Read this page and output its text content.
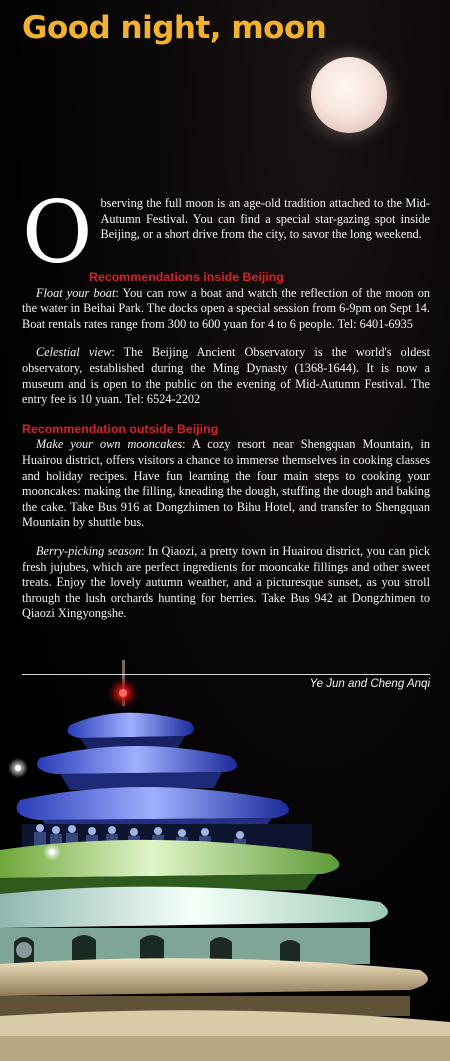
Good night, moon
O bserving the full moon is an age-old tradition attached to the Mid-Autumn Festival. You can find a special star-gazing spot inside Beijing, or a short drive from the city, to savor the long weekend.

Recommendations inside Beijing

Float your boat: You can row a boat and watch the reflection of the moon on the water in Beihai Park. The docks open a special session from 6-9pm on Sept 14. Boat rentals rates range from 300 to 600 yuan for 4 to 6 people. Tel: 6401-6935

Celestial view: The Beijing Ancient Observatory is the world's oldest observatory, established during the Ming Dynasty (1368-1644). It is now a museum and is open to the public on the evening of Mid-Autumn Festival. The entry fee is 10 yuan. Tel: 6524-2202

Recommendation outside Beijing

Make your own mooncakes: A cozy resort near Shengquan Mountain, in Huairou district, offers visitors a chance to immerse themselves in cooking classes and holiday recipes. Have fun learning the four main steps to cooking your mooncakes: making the filling, kneading the dough, stuffing the dough and baking the cake. Take Bus 916 at Dongzhimen to Bihu Hotel, and transfer to Shengquan Mountain by shuttle bus.

Berry-picking season: In Qiaozi, a pretty town in Huairou district, you can pick fresh jujubes, which are perfect ingredients for mooncake fillings and other sweet treats. Enjoy the lovely autumn weather, and a picturesque sunset, as you stroll through the lush orchards hunting for berries. Take Bus 942 at Dongzhimen to Qiaozi Xingyongshe.

Ye Jun and Cheng Anqi
